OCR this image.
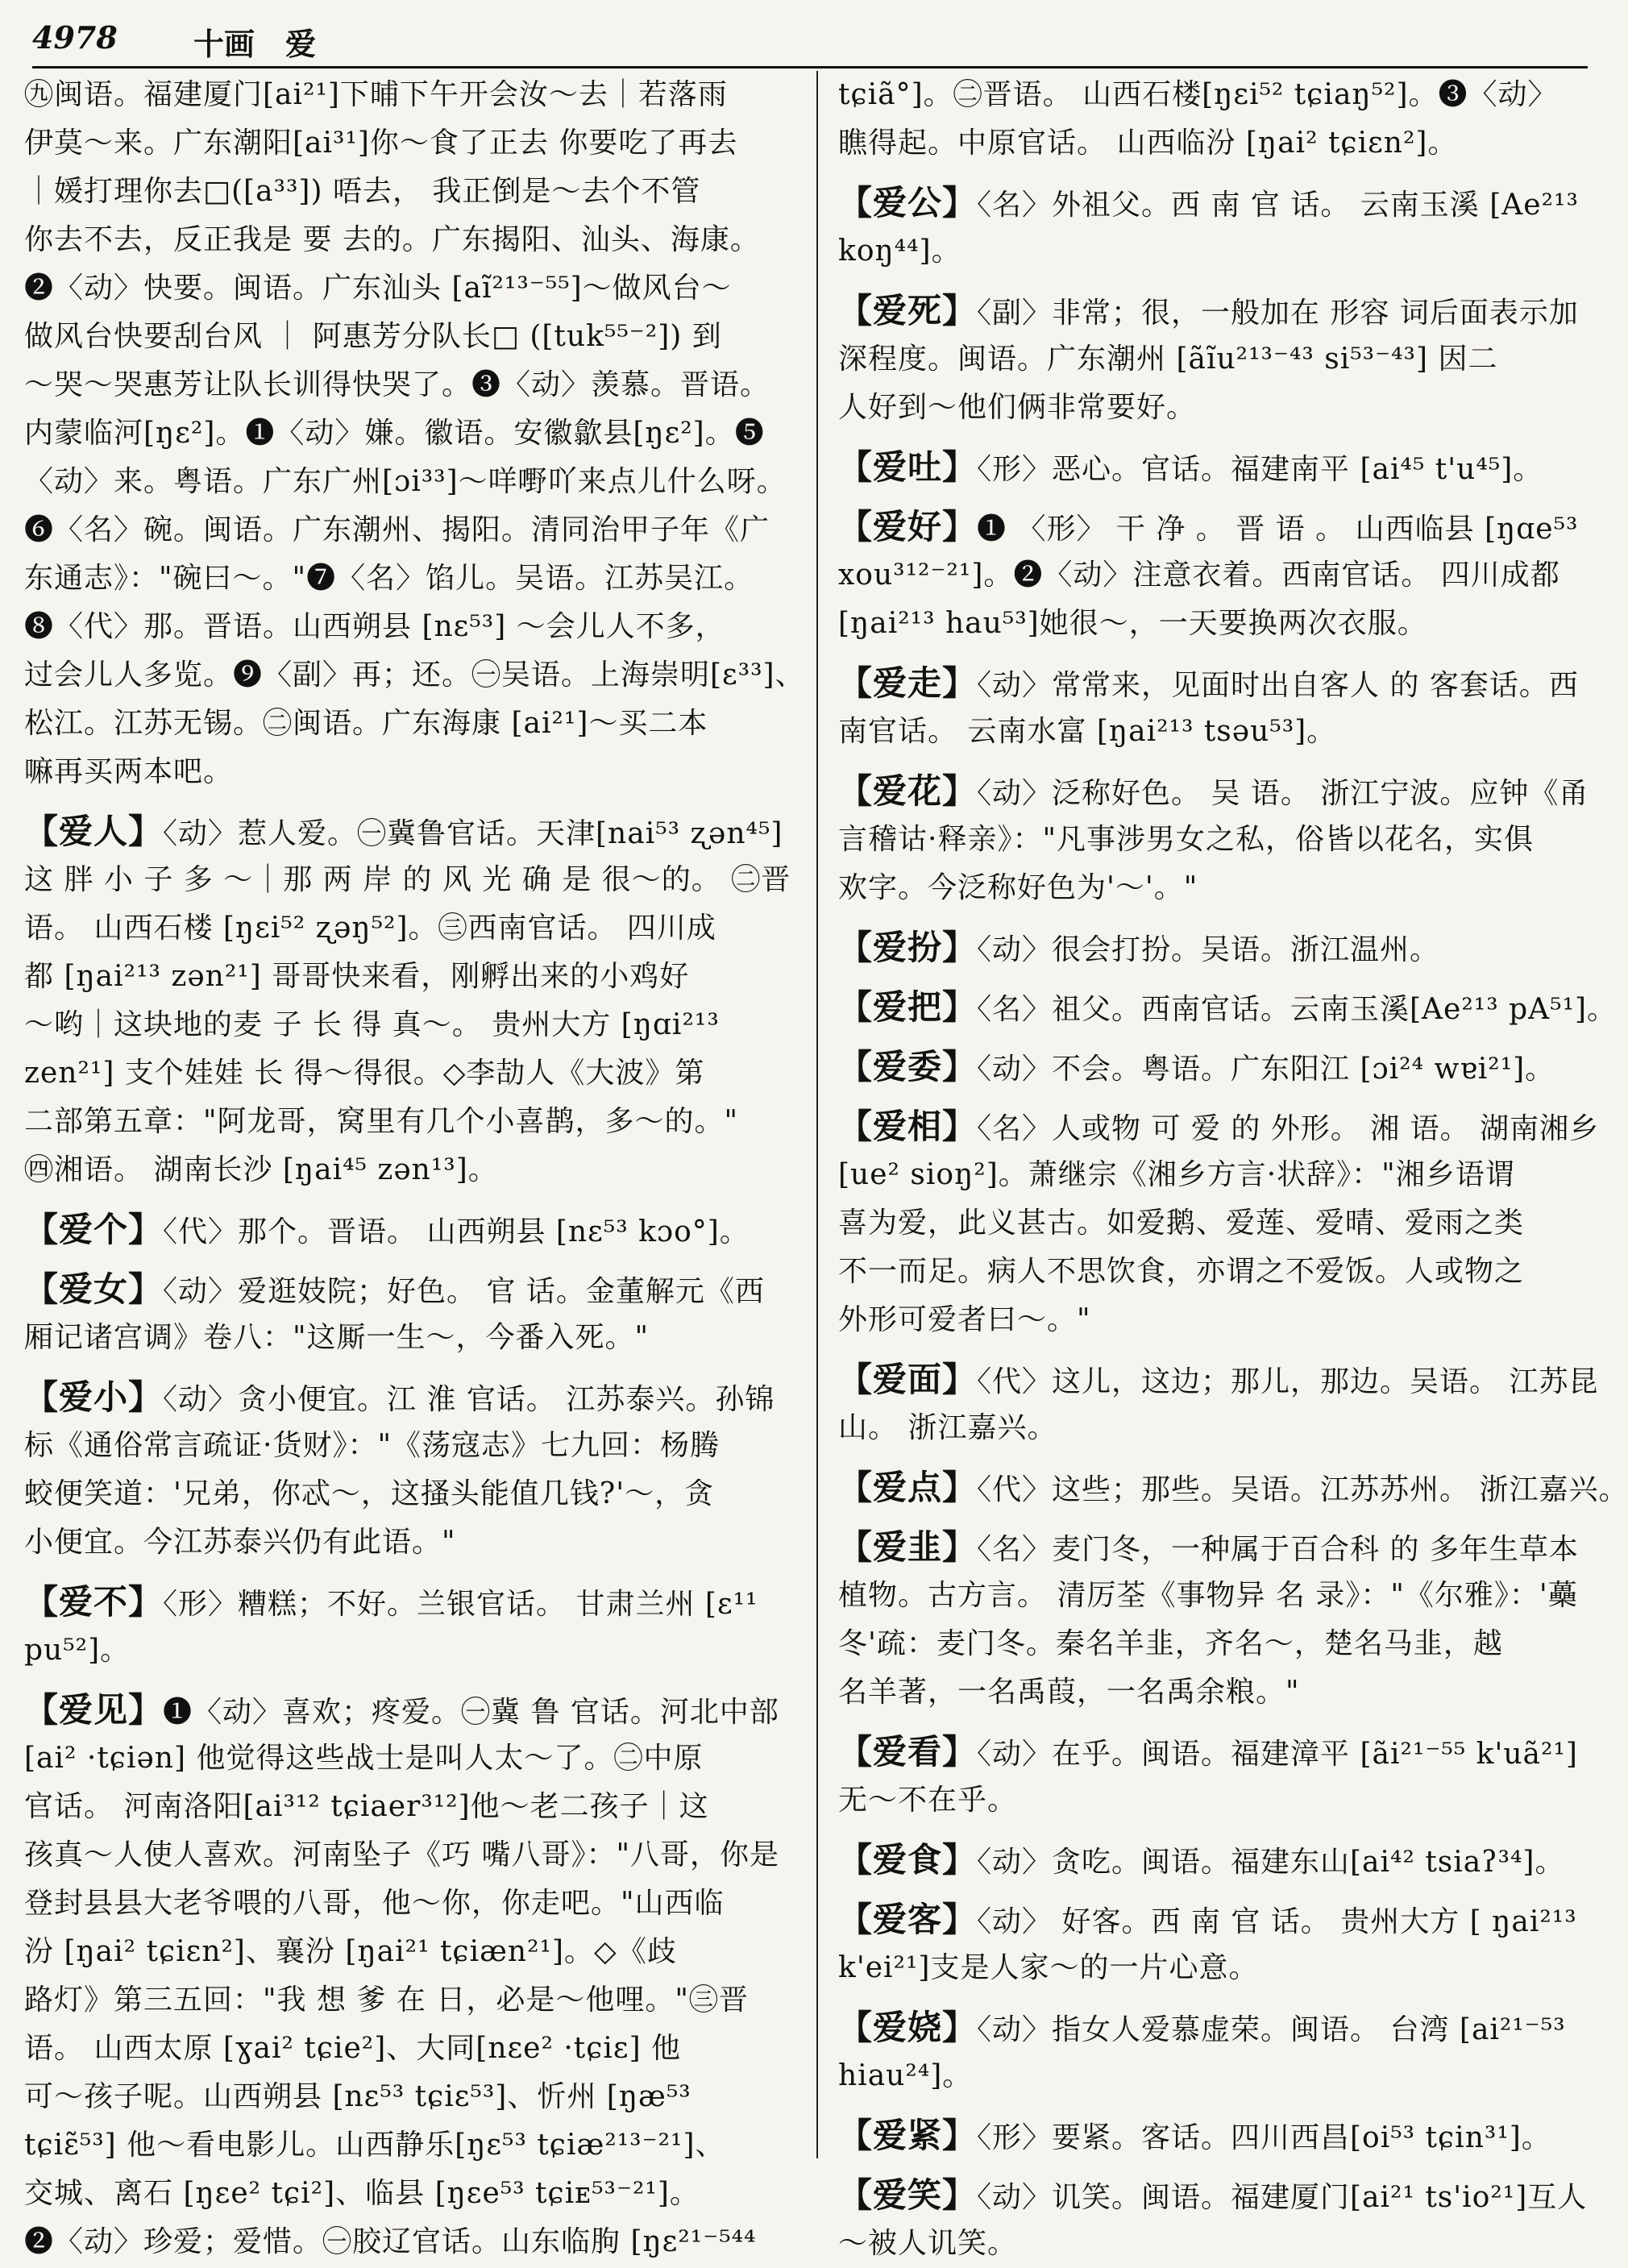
4978 十画　爱
㊈闽语。福建厦门[ai²¹]下晡下午开会汝～去｜若落雨
伊莫～来。广东潮阳[ai³¹]你～食了正去 你要吃了再去
｜媛打理你去□([a³³]) 唔去， 我正倒是～去个不管
你去不去，反正我是 要 去的。广东揭阳、汕头、海康。
❷〈动〉快要。闽语。广东汕头 [aĩ²¹³⁻⁵⁵]～做风台～
做风台快要刮台风 ｜ 阿惠芳分队长□ ([tuk⁵⁵⁻²]) 到
～哭～哭惠芳让队长训得快哭了。❸〈动〉羡慕。晋语。
内蒙临河[ŋɛ²]。❶〈动〉嫌。徽语。安徽歙县[ŋɛ²]。❺
〈动〉来。粤语。广东广州[ɔi³³]～咩嘢吖来点儿什么呀。
❻〈名〉碗。闽语。广东潮州、揭阳。清同治甲子年《广
东通志》："碗曰～。"❼〈名〉馅儿。吴语。江苏吴江。
❽〈代〉那。晋语。山西朔县 [nɛ⁵³] ～会儿人不多，
过会儿人多览。❾〈副〉再；还。㊀吴语。上海崇明[ɛ³³]、
松江。江苏无锡。㊁闽语。广东海康 [ai²¹]～买二本
嘛再买两本吧。
【爱人】〈动〉惹人爱。㊀冀鲁官话。天津[nai⁵³ ʐən⁴⁵]
这 胖 小 子 多 ～｜那 两 岸 的 风 光 确 是 很～的。 ㊁晋
语。 山西石楼 [ŋɛi⁵² ʐəŋ⁵²]。㊂西南官话。 四川成
都 [ŋai²¹³ zən²¹] 哥哥快来看，刚孵出来的小鸡好
～哟｜这块地的麦 子 长 得 真～。 贵州大方 [ŋɑi²¹³
zen²¹] 支个娃娃 长 得～得很。◇李劼人《大波》第
二部第五章："阿龙哥，窝里有几个小喜鹊，多～的。"
㊃湘语。 湖南长沙 [ŋai⁴⁵ zən¹³]。
【爱个】〈代〉那个。晋语。 山西朔县 [nɛ⁵³ kɔo°]。
【爱女】〈动〉爱逛妓院；好色。 官 话。金董解元《西
厢记诸宫调》卷八："这厮一生～，今番入死。"
【爱小】〈动〉贪小便宜。江 淮 官话。 江苏泰兴。孙锦
标《通俗常言疏证·货财》："《荡寇志》七九回：杨腾
蛟便笑道：'兄弟，你忒～，这搔头能值几钱?'～，贪
小便宜。今江苏泰兴仍有此语。"
【爱不】〈形〉糟糕；不好。兰银官话。 甘肃兰州 [ɛ¹¹
pu⁵²]。
【爱见】❶〈动〉喜欢；疼爱。㊀冀 鲁 官话。河北中部
[ai² ·tɕiən] 他觉得这些战士是叫人太～了。㊁中原
官话。 河南洛阳[ai³¹² tɕiaer³¹²]他～老二孩子｜这
孩真～人使人喜欢。河南坠子《巧 嘴八哥》："八哥，你是
登封县县大老爷喂的八哥，他～你，你走吧。"山西临
汾 [ŋai² tɕiɛn²]、襄汾 [ŋai²¹ tɕiæn²¹]。◇《歧
路灯》第三五回："我 想 爹 在 日，必是～他哩。"㊂晋
语。 山西太原 [ɣai² tɕie²]、大同[nɛe² ·tɕiɛ] 他
可～孩子呢。山西朔县 [nɛ⁵³ tɕiɛ⁵³]、忻州 [ŋæ⁵³
tɕiɛ̃⁵³] 他～看电影儿。山西静乐[ŋɛ⁵³ tɕiæ²¹³⁻²¹]、
交城、离石 [ŋɛe² tɕi²]、临县 [ŋɛe⁵³ tɕiᴇ⁵³⁻²¹]。
❷〈动〉珍爱；爱惜。㊀胶辽官话。山东临朐 [ŋɛ²¹⁻⁵⁴⁴
tɕiã°]。㊁晋语。 山西石楼[ŋɛi⁵² tɕiaŋ⁵²]。❸〈动〉
瞧得起。中原官话。 山西临汾 [ŋai² tɕiɛn²]。
【爱公】〈名〉外祖父。西 南 官 话。 云南玉溪 [Ae²¹³
koŋ⁴⁴]。
【爱死】〈副〉非常；很，一般加在 形容 词后面表示加
深程度。闽语。广东潮州 [ãĩu²¹³⁻⁴³ si⁵³⁻⁴³] 因二
人好到～他们俩非常要好。
【爱吐】〈形〉恶心。官话。福建南平 [ai⁴⁵ t'u⁴⁵]。
【爱好】❶ 〈形〉 干 净 。 晋 语 。 山西临县 [ŋɑe⁵³
xou³¹²⁻²¹]。❷〈动〉注意衣着。西南官话。 四川成都
[ŋai²¹³ hau⁵³]她很～，一天要换两次衣服。
【爱走】〈动〉常常来，见面时出自客人 的 客套话。西
南官话。 云南水富 [ŋai²¹³ tsəu⁵³]。
【爱花】〈动〉泛称好色。 吴 语。 浙江宁波。应钟《甬
言稽诂·释亲》："凡事涉男女之私，俗皆以花名，实俱
欢字。今泛称好色为'～'。"
【爱扮】〈动〉很会打扮。吴语。浙江温州。
【爱把】〈名〉祖父。西南官话。云南玉溪[Ae²¹³ pA⁵¹]。
【爱委】〈动〉不会。粤语。广东阳江 [ɔi²⁴ wɐi²¹]。
【爱相】〈名〉人或物 可 爱 的 外形。 湘 语。 湖南湘乡
[ue² sioŋ²]。萧继宗《湘乡方言·状辞》："湘乡语谓
喜为爱，此义甚古。如爱鹅、爱莲、爱晴、爱雨之类
不一而足。病人不思饮食，亦谓之不爱饭。人或物之
外形可爱者曰～。"
【爱面】〈代〉这儿，这边；那儿，那边。吴语。 江苏昆
山。 浙江嘉兴。
【爱点】〈代〉这些；那些。吴语。江苏苏州。 浙江嘉兴。
【爱韭】〈名〉麦门冬，一种属于百合科 的 多年生草本
植物。古方言。 清厉荃《事物异 名 录》："《尔雅》：'蘽
冬'疏：麦门冬。秦名羊韭，齐名～，楚名马韭，越
名羊著，一名禹葭，一名禹余粮。"
【爱看】〈动〉在乎。闽语。福建漳平 [ãi²¹⁻⁵⁵ k'uã²¹]
无～不在乎。
【爱食】〈动〉贪吃。闽语。福建东山[ai⁴² tsiaʔ³⁴]。
【爱客】〈动〉 好客。西 南 官 话。 贵州大方 [ ŋai²¹³
k'ei²¹]支是人家～的一片心意。
【爱娆】〈动〉指女人爱慕虚荣。闽语。 台湾 [ai²¹⁻⁵³
hiau²⁴]。
【爱紧】〈形〉要紧。客话。四川西昌[oi⁵³ tɕin³¹]。
【爱笑】〈动〉讥笑。闽语。福建厦门[ai²¹ ts'io²¹]互人
～被人讥笑。
